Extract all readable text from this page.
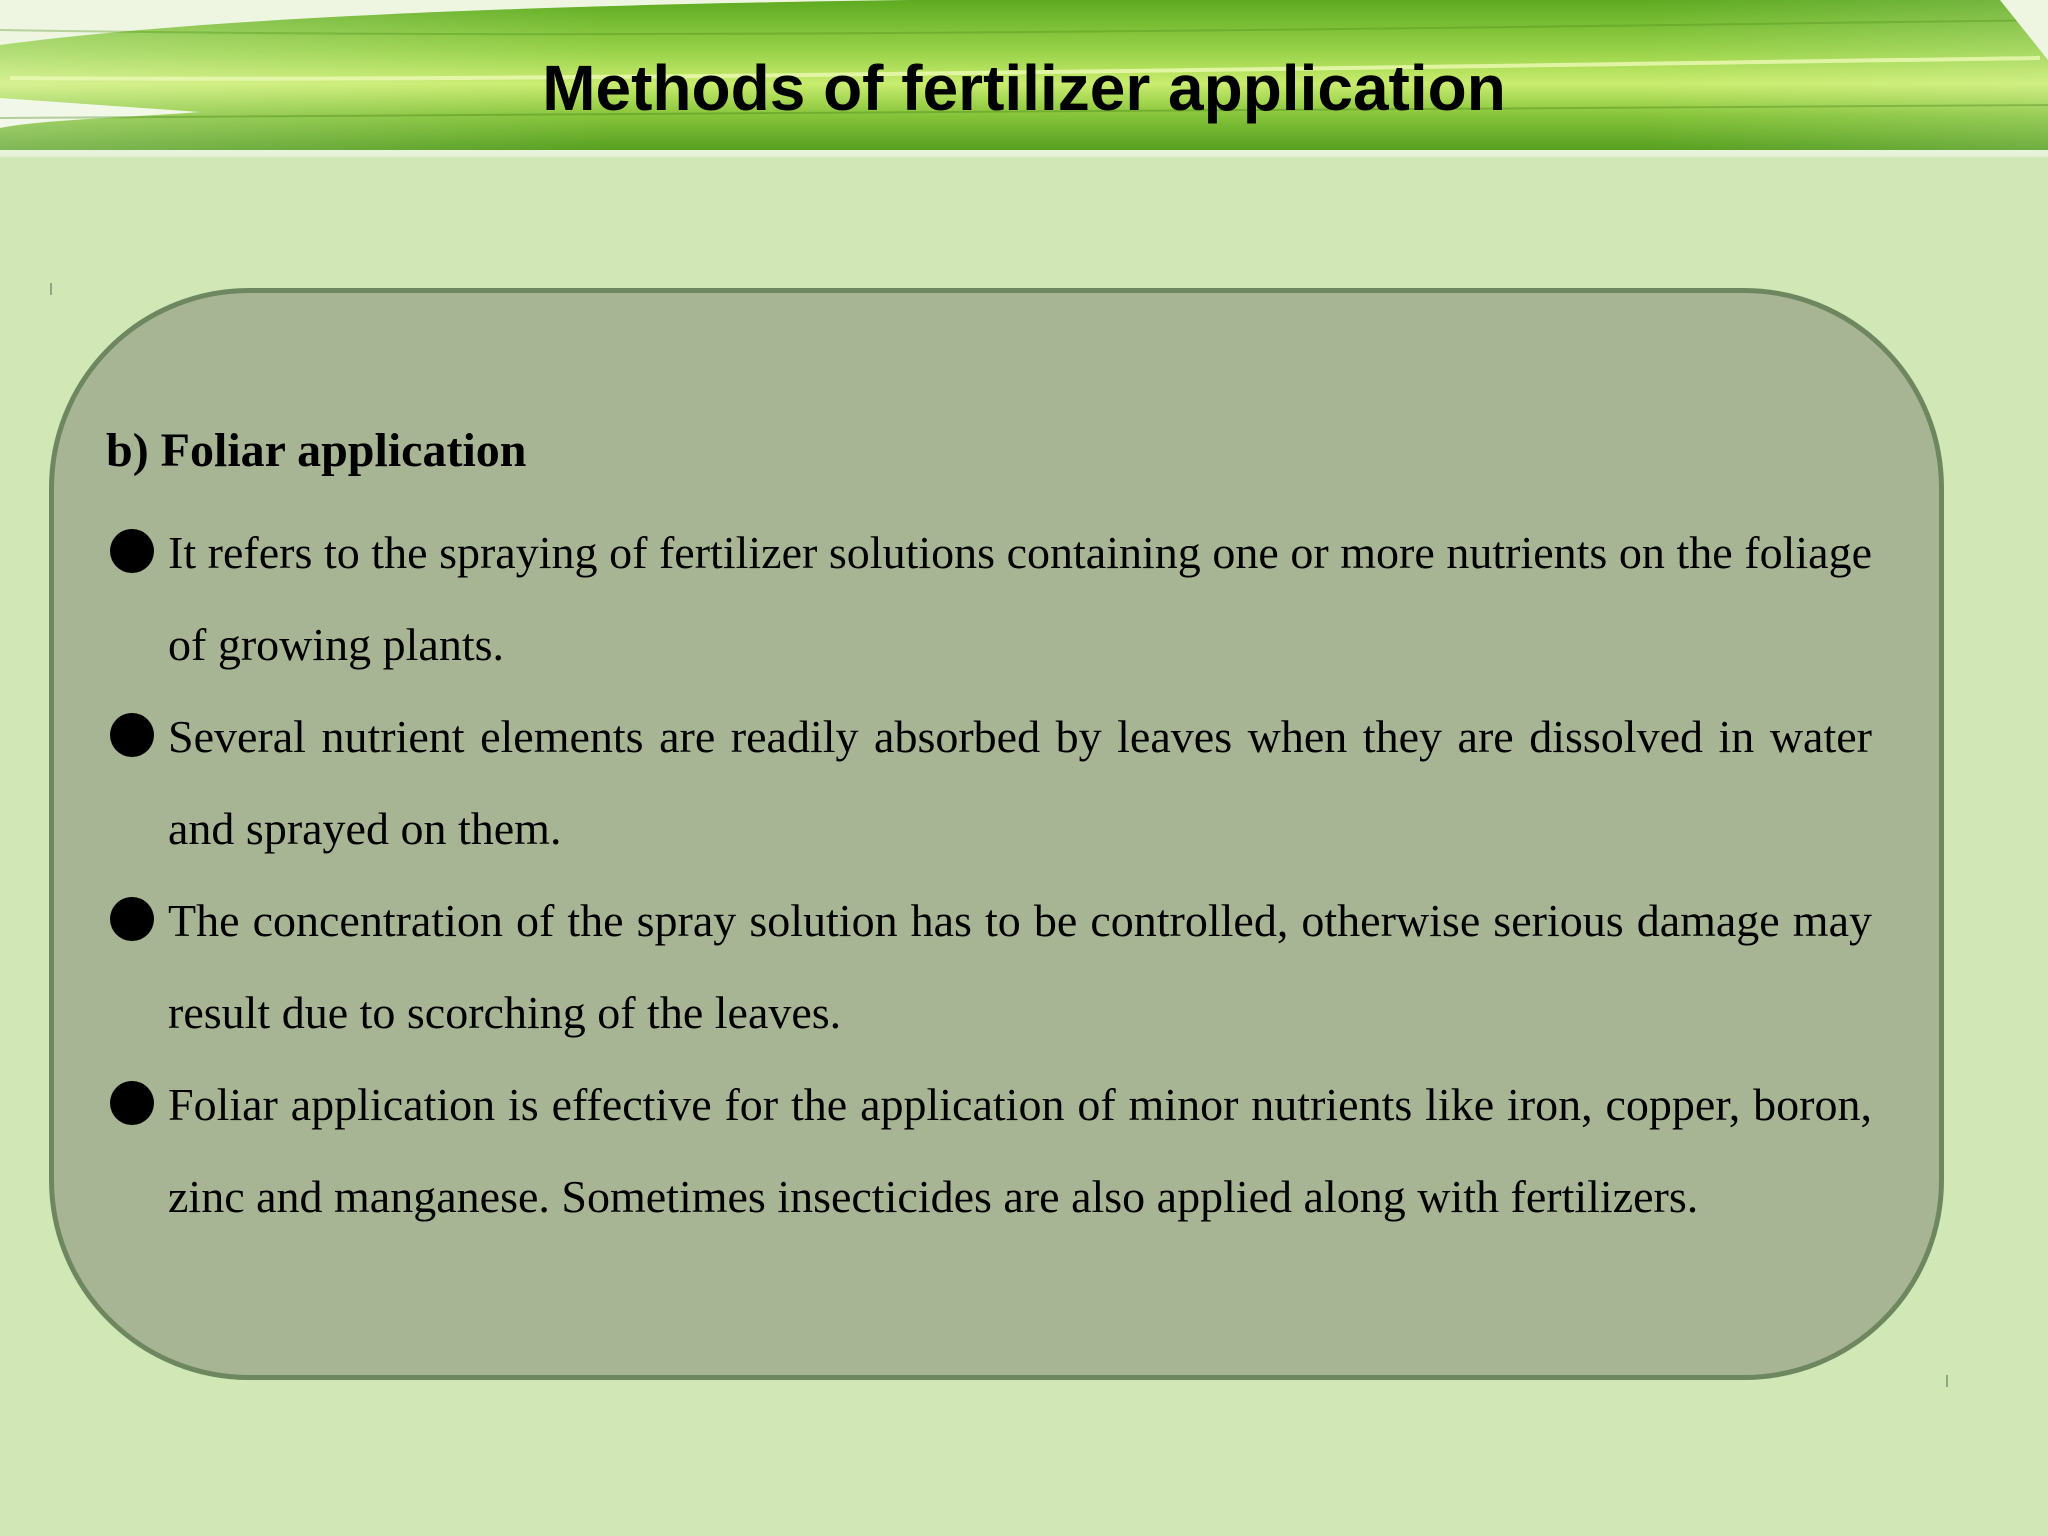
Methods of fertilizer application

b) Foliar application

It refers to the spraying of fertilizer solutions containing one or more nutrients on the foliage of growing plants.

Several nutrient elements are readily absorbed by leaves when they are dissolved in water and sprayed on them.

The concentration of the spray solution has to be controlled, otherwise serious damage may result due to scorching of the leaves.

Foliar application is effective for the application of minor nutrients like iron, copper, boron, zinc and manganese. Sometimes insecticides are also applied along with fertilizers.
